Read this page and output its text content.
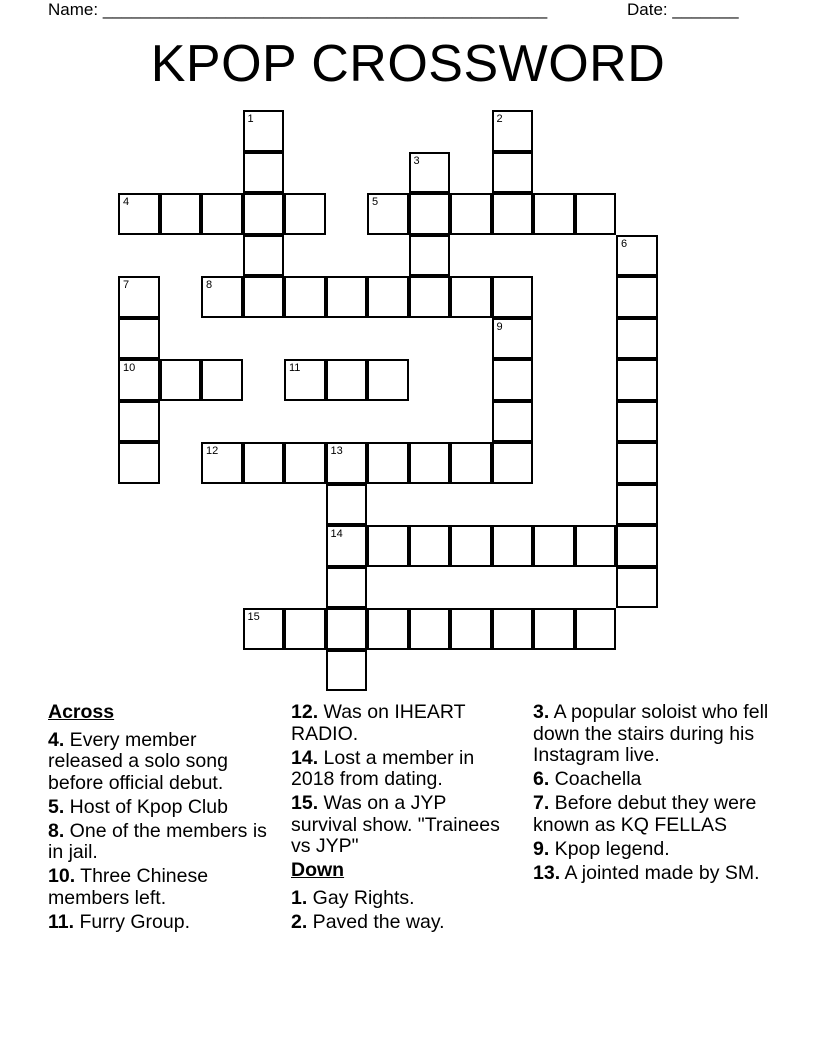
Name: _______________________________________________	Date: _______
KPOP CROSSWORD
1	2
3
4	5
6
7	8
9
10	11
12	13
14
15
Across
4. Every member released a solo song before official debut.
5. Host of Kpop Club
8. One of the members is in jail.
10. Three Chinese members left.
11. Furry Group.
12. Was on IHEART RADIO.
14. Lost a member in 2018 from dating.
15. Was on a JYP survival show. "Trainees vs JYP"
Down
1. Gay Rights.
2. Paved the way.
3. A popular soloist who fell down the stairs during his Instagram live.
6. Coachella
7. Before debut they were known as KQ FELLAS
9. Kpop legend.
13. A jointed made by SM.
